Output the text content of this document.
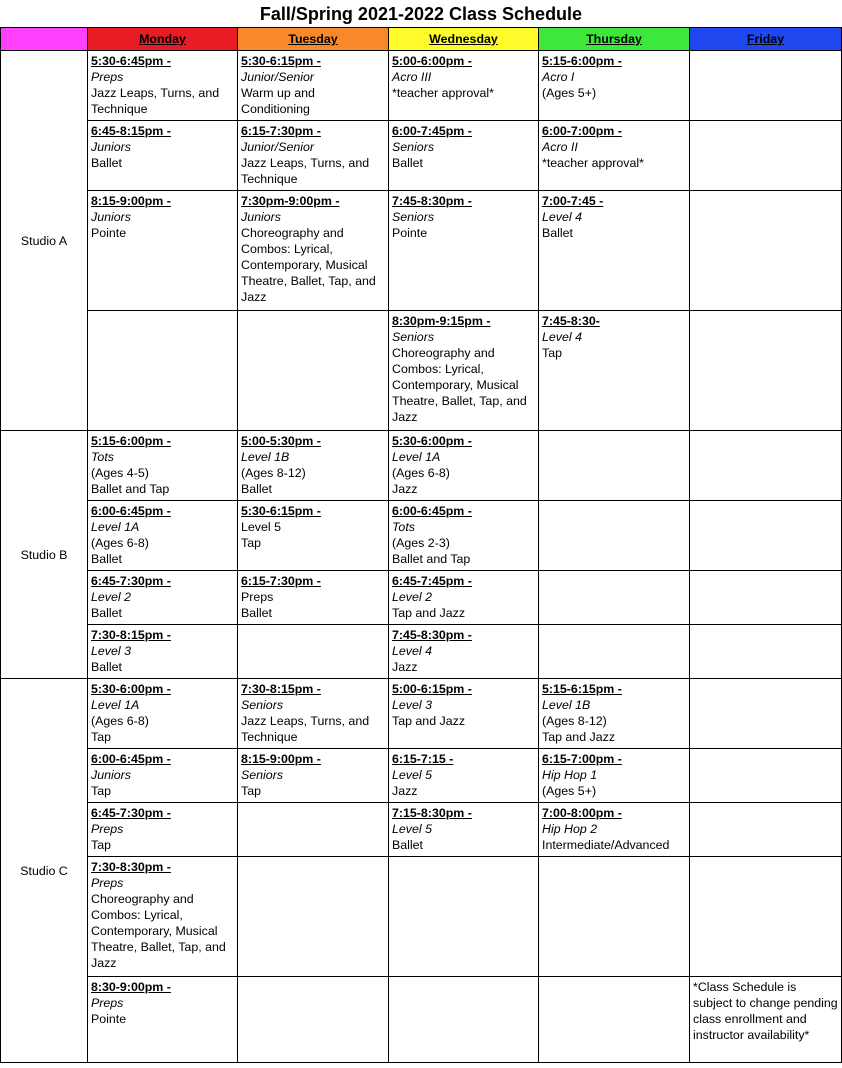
Fall/Spring 2021-2022 Class Schedule
	Monday	Tuesday	Wednesday	Thursday	Friday
Studio A	5:30-6:45pm -
Preps
Jazz Leaps, Turns, and Technique	5:30-6:15pm -
Junior/Senior
Warm up and Conditioning	5:00-6:00pm -
Acro III
*teacher approval*	5:15-6:00pm -
Acro I
(Ages 5+)	

	6:45-8:15pm -
Juniors
Ballet	6:15-7:30pm -
Junior/Senior
Jazz Leaps, Turns, and Technique	6:00-7:45pm -
Seniors
Ballet	6:00-7:00pm -
Acro II
*teacher approval*	

	8:15-9:00pm -
Juniors
Pointe	7:30pm-9:00pm -
Juniors
Choreography and Combos: Lyrical, Contemporary, Musical Theatre, Ballet, Tap, and Jazz	7:45-8:30pm -
Seniors
Pointe	7:00-7:45 -
Level 4
Ballet	

			8:30pm-9:15pm -
Seniors
Choreography and Combos: Lyrical, Contemporary, Musical Theatre, Ballet, Tap, and Jazz	7:45-8:30-
Level 4
Tap	

Studio B	5:15-6:00pm -
Tots
(Ages 4-5)
Ballet and Tap	5:00-5:30pm -
Level 1B
(Ages 8-12)
Ballet	5:30-6:00pm -
Level 1A
(Ages 6-8)
Jazz		

	6:00-6:45pm -
Level 1A
(Ages 6-8)
Ballet	5:30-6:15pm -
Level 5
Tap	6:00-6:45pm -
Tots
(Ages 2-3)
Ballet and Tap		

	6:45-7:30pm -
Level 2
Ballet	6:15-7:30pm -
Preps
Ballet	6:45-7:45pm -
Level 2
Tap and Jazz		

	7:30-8:15pm -
Level 3
Ballet		7:45-8:30pm -
Level 4
Jazz		

Studio C	5:30-6:00pm -
Level 1A
(Ages 6-8)
Tap	7:30-8:15pm -
Seniors
Jazz Leaps, Turns, and Technique	5:00-6:15pm -
Level 3
Tap and Jazz	5:15-6:15pm -
Level 1B
(Ages 8-12)
Tap and Jazz	

	6:00-6:45pm -
Juniors
Tap	8:15-9:00pm -
Seniors
Tap	6:15-7:15 -
Level 5
Jazz	6:15-7:00pm -
Hip Hop 1
(Ages 5+)	

	6:45-7:30pm -
Preps
Tap		7:15-8:30pm -
Level 5
Ballet	7:00-8:00pm -
Hip Hop 2
Intermediate/Advanced	

	7:30-8:30pm -
Preps
Choreography and Combos: Lyrical, Contemporary, Musical Theatre, Ballet, Tap, and Jazz				

	8:30-9:00pm -
Preps
Pointe				*Class Schedule is subject to change pending class enrollment and instructor availability*
